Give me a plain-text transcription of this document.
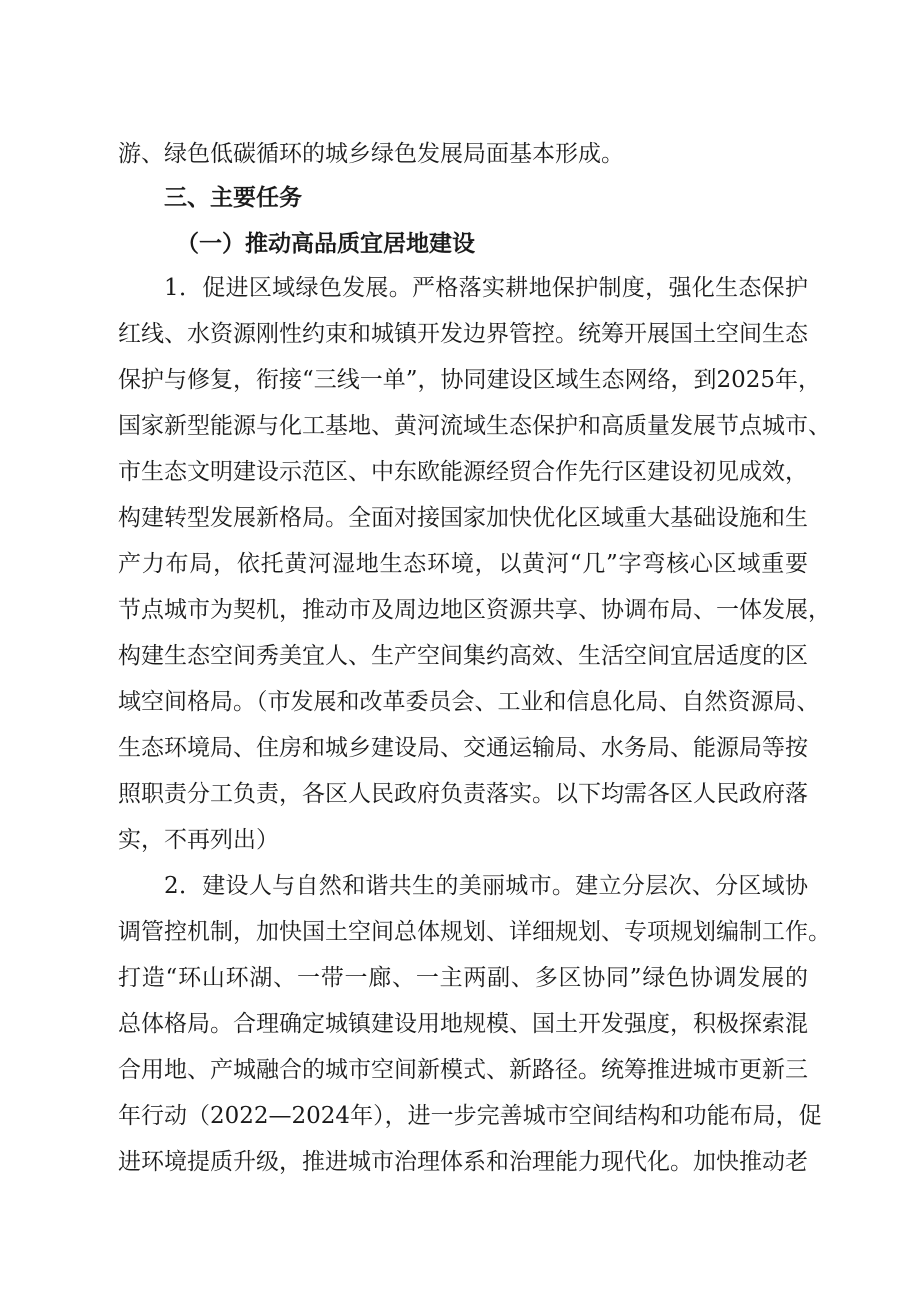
游、绿色低碳循环的城乡绿色发展局面基本形成。
三、主要任务
（一）推动高品质宜居地建设
1．促进区域绿色发展。严格落实耕地保护制度，强化生态保护
红线、水资源刚性约束和城镇开发边界管控。统筹开展国土空间生态
保护与修复，衔接“三线一单”，协同建设区域生态网络，到2025年，
国家新型能源与化工基地、黄河流域生态保护和高质量发展节点城市、
市生态文明建设示范区、中东欧能源经贸合作先行区建设初见成效，
构建转型发展新格局。全面对接国家加快优化区域重大基础设施和生
产力布局，依托黄河湿地生态环境，以黄河“几”字弯核心区域重要
节点城市为契机，推动市及周边地区资源共享、协调布局、一体发展，
构建生态空间秀美宜人、生产空间集约高效、生活空间宜居适度的区
域空间格局。（市发展和改革委员会、工业和信息化局、自然资源局、
生态环境局、住房和城乡建设局、交通运输局、水务局、能源局等按
照职责分工负责，各区人民政府负责落实。以下均需各区人民政府落
实，不再列出）
2．建设人与自然和谐共生的美丽城市。建立分层次、分区域协
调管控机制，加快国土空间总体规划、详细规划、专项规划编制工作。
打造“环山环湖、一带一廊、一主两副、多区协同”绿色协调发展的
总体格局。合理确定城镇建设用地规模、国土开发强度，积极探索混
合用地、产城融合的城市空间新模式、新路径。统筹推进城市更新三
年行动（2022—2024年），进一步完善城市空间结构和功能布局，促
进环境提质升级，推进城市治理体系和治理能力现代化。加快推动老
